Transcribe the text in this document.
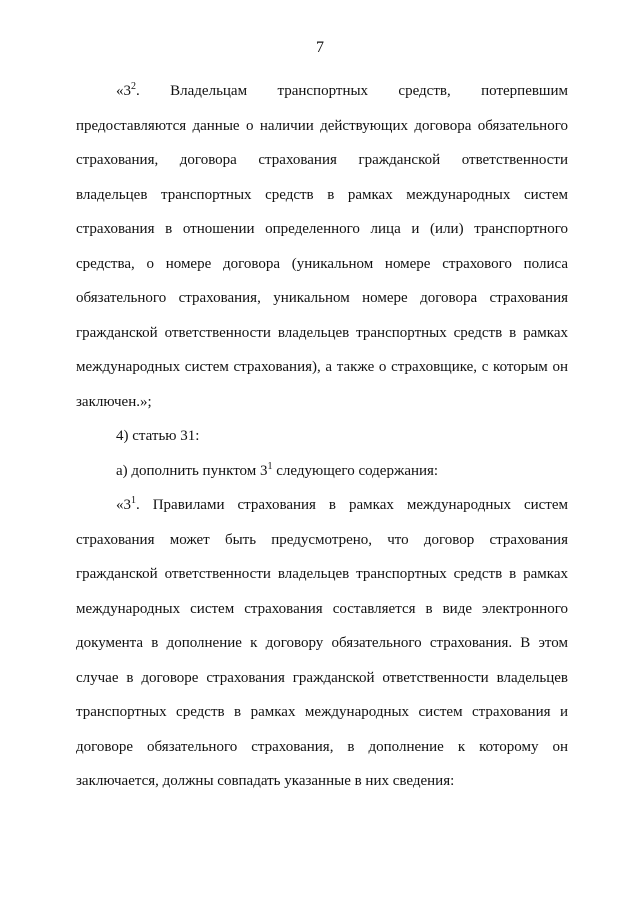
7

«$3^2$. Владельцам транспортных средств, потерпевшим предоставляются данные о наличии действующих договора обязательного страхования, договора страхования гражданской ответственности владельцев транспортных средств в рамках международных систем страхования в отношении определенного лица и (или) транспортного средства, о номере договора (уникальном номере страхового полиса обязательного страхования, уникальном номере договора страхования гражданской ответственности владельцев транспортных средств в рамках международных систем страхования), а также о страховщике, с которым он заключен.»;

4) статью 31:

а) дополнить пунктом $3^1$ следующего содержания:

«$3^1$. Правилами страхования в рамках международных систем страхования может быть предусмотрено, что договор страхования гражданской ответственности владельцев транспортных средств в рамках международных систем страхования составляется в виде электронного документа в дополнение к договору обязательного страхования. В этом случае в договоре страхования гражданской ответственности владельцев транспортных средств в рамках международных систем страхования и договоре обязательного страхования, в дополнение к которому он заключается, должны совпадать указанные в них сведения:
